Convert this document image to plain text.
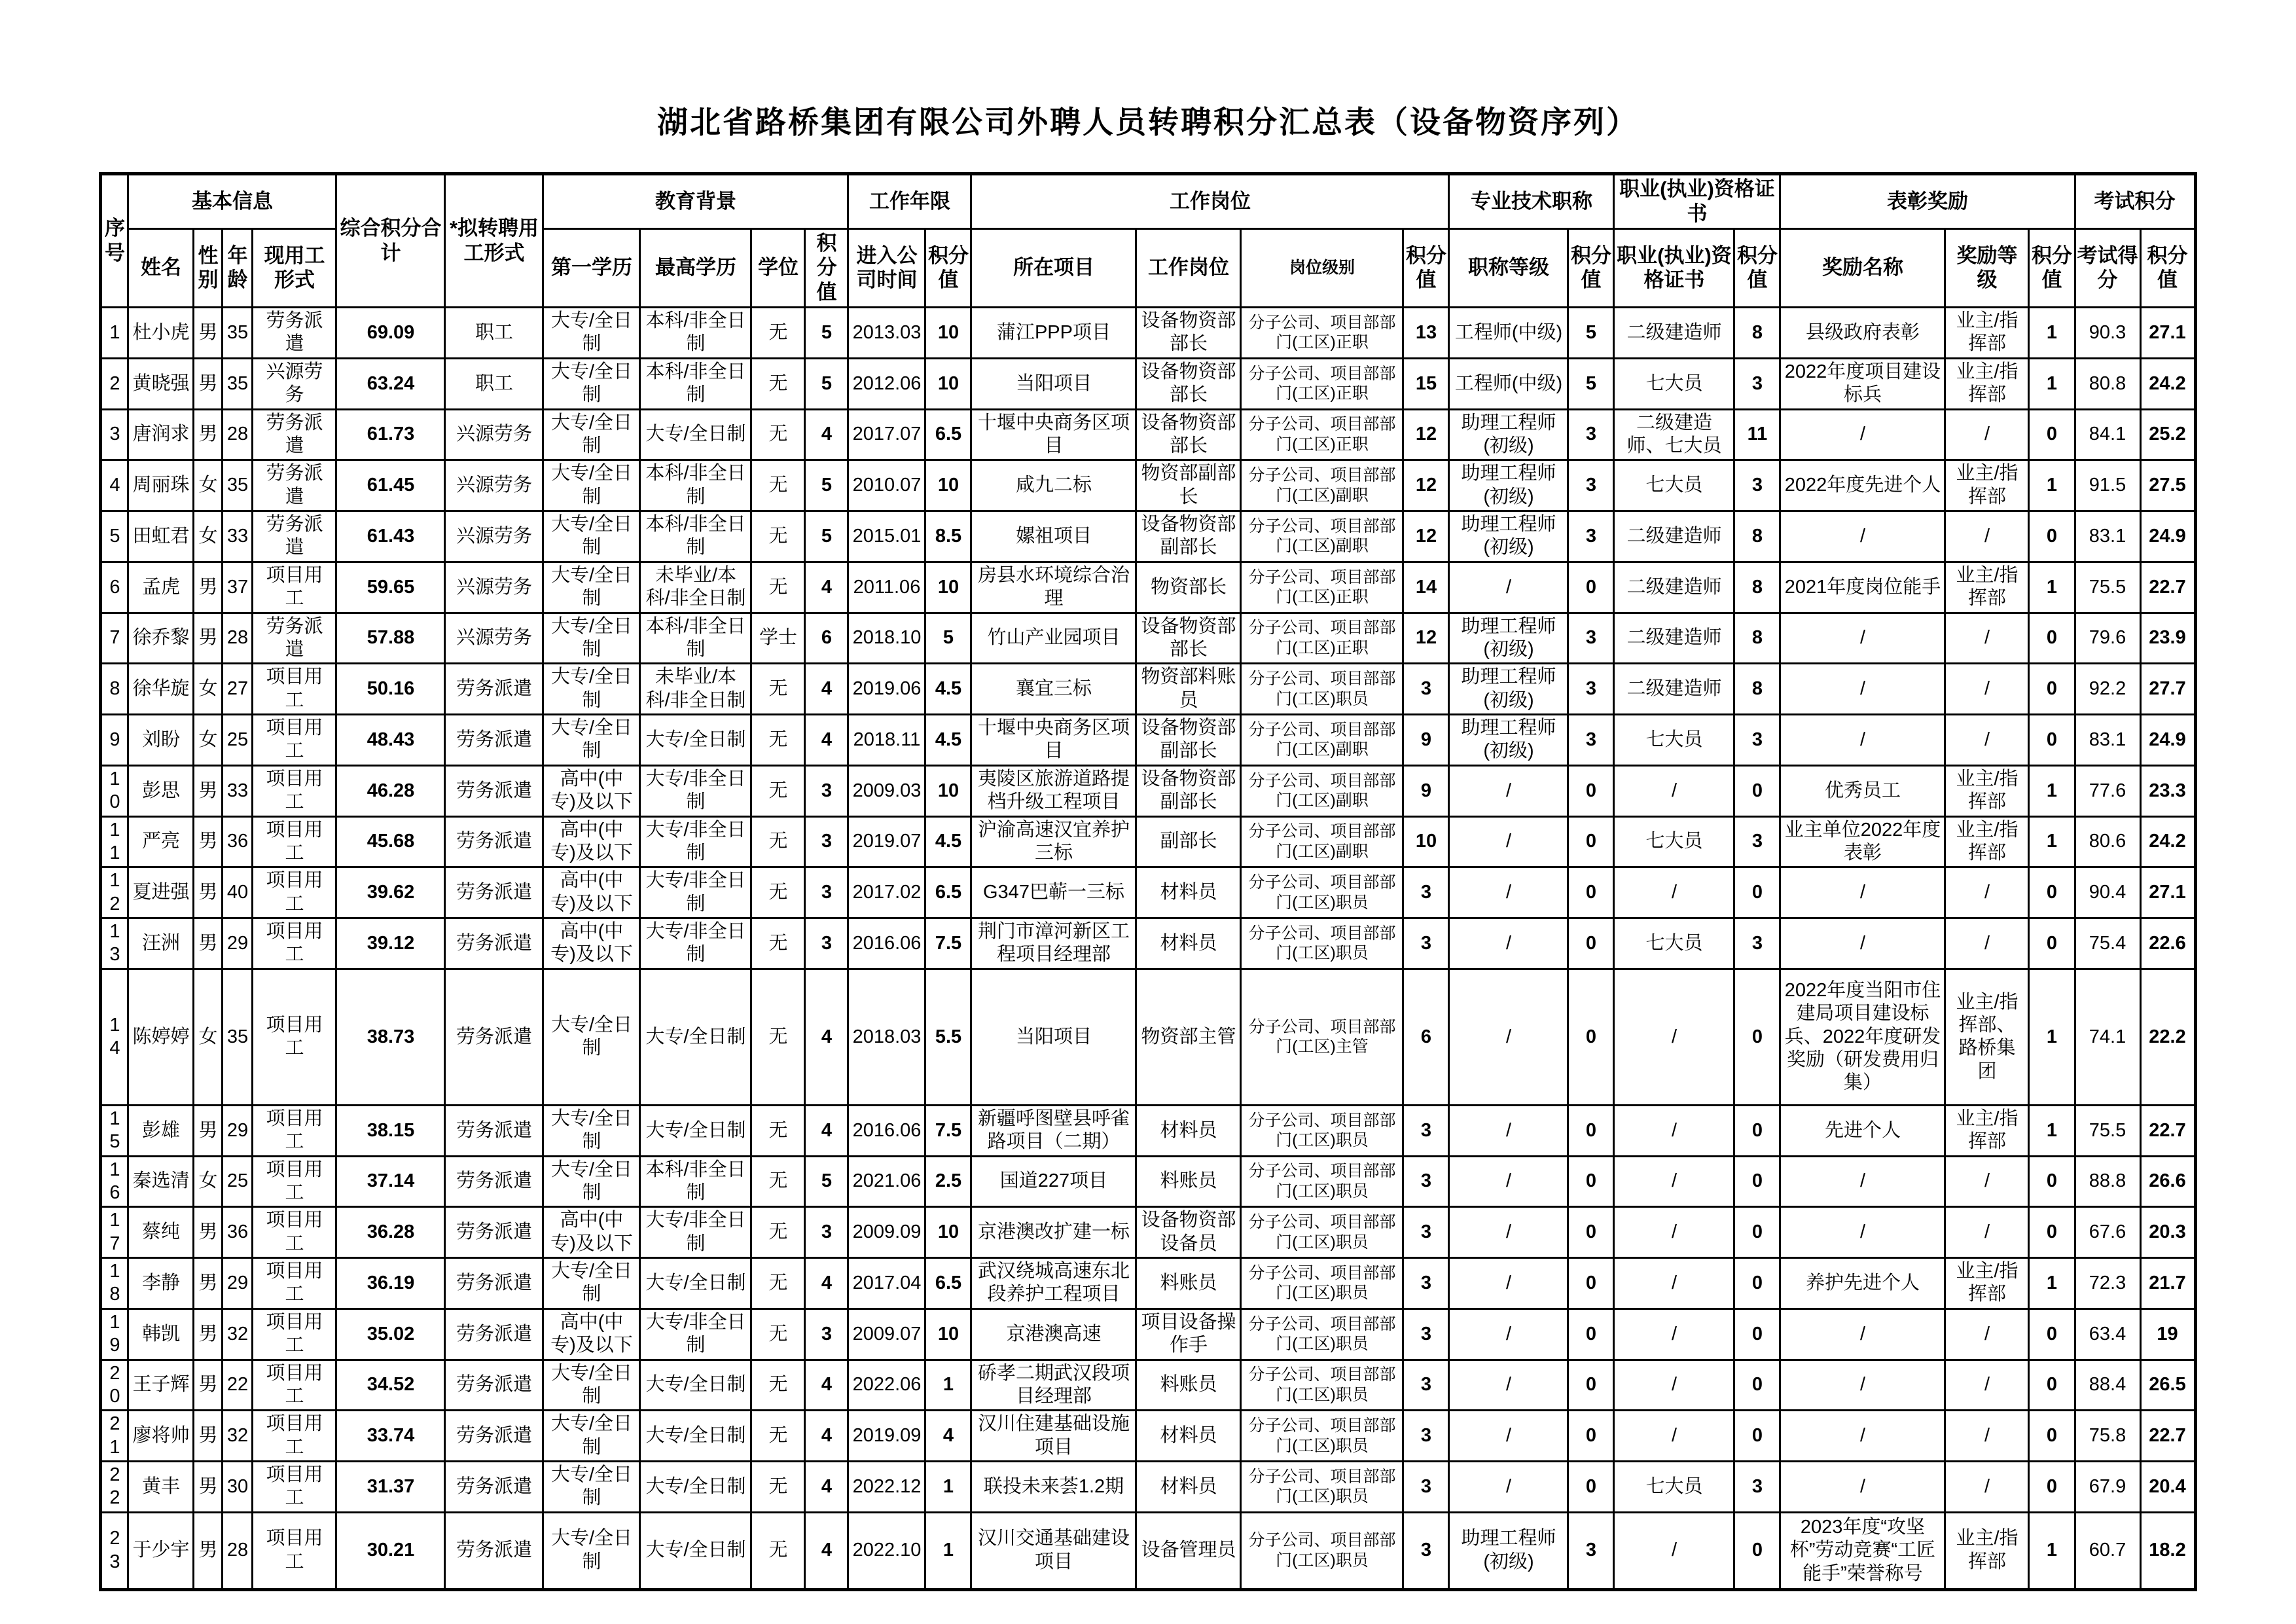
湖北省路桥集团有限公司外聘人员转聘积分汇总表（设备物资序列）
序号	基本信息				综合积分合计	*拟转聘用工形式	教育背景				工作年限		工作岗位				专业技术职称		职业(执业)资格证书		表彰奖励			考试积分	
	姓名	性别	年龄	现用工形式			第一学历	最高学历	学位	积分值	进入公司时间	积分值	所在项目	工作岗位	岗位级别	积分值	职称等级	积分值	职业(执业)资格证书	积分值	奖励名称	奖励等级	积分值	考试得分	积分值
1	杜小虎	男	35	劳务派遣	69.09	职工	大专/全日制	本科/非全日制	无	5	2013.03	10	蒲江PPP项目	设备物资部部长	分子公司、项目部部门(工区)正职	13	工程师(中级)	5	二级建造师	8	县级政府表彰	业主/指挥部	1	90.3	27.1
2	黄晓强	男	35	兴源劳务	63.24	职工	大专/全日制	本科/非全日制	无	5	2012.06	10	当阳项目	设备物资部部长	分子公司、项目部部门(工区)正职	15	工程师(中级)	5	七大员	3	2022年度项目建设标兵	业主/指挥部	1	80.8	24.2
3	唐润求	男	28	劳务派遣	61.73	兴源劳务	大专/全日制	大专/全日制	无	4	2017.07	6.5	十堰中央商务区项目	设备物资部部长	分子公司、项目部部门(工区)正职	12	助理工程师(初级)	3	二级建造师、七大员	11	/	/	0	84.1	25.2
4	周丽珠	女	35	劳务派遣	61.45	兴源劳务	大专/全日制	本科/非全日制	无	5	2010.07	10	咸九二标	物资部副部长	分子公司、项目部部门(工区)副职	12	助理工程师(初级)	3	七大员	3	2022年度先进个人	业主/指挥部	1	91.5	27.5
5	田虹君	女	33	劳务派遣	61.43	兴源劳务	大专/全日制	本科/非全日制	无	5	2015.01	8.5	嫘祖项目	设备物资部副部长	分子公司、项目部部门(工区)副职	12	助理工程师(初级)	3	二级建造师	8	/	/	0	83.1	24.9
6	孟虎	男	37	项目用工	59.65	兴源劳务	大专/全日制	未毕业/本科/非全日制	无	4	2011.06	10	房县水环境综合治理	物资部长	分子公司、项目部部门(工区)正职	14	/	0	二级建造师	8	2021年度岗位能手	业主/指挥部	1	75.5	22.7
7	徐乔黎	男	28	劳务派遣	57.88	兴源劳务	大专/全日制	本科/非全日制	学士	6	2018.10	5	竹山产业园项目	设备物资部部长	分子公司、项目部部门(工区)正职	12	助理工程师(初级)	3	二级建造师	8	/	/	0	79.6	23.9
8	徐华旋	女	27	项目用工	50.16	劳务派遣	大专/全日制	未毕业/本科/非全日制	无	4	2019.06	4.5	襄宜三标	物资部料账员	分子公司、项目部部门(工区)职员	3	助理工程师(初级)	3	二级建造师	8	/	/	0	92.2	27.7
9	刘盼	女	25	项目用工	48.43	劳务派遣	大专/全日制	大专/全日制	无	4	2018.11	4.5	十堰中央商务区项目	设备物资部副部长	分子公司、项目部部门(工区)副职	9	助理工程师(初级)	3	七大员	3	/	/	0	83.1	24.9
10	彭思	男	33	项目用工	46.28	劳务派遣	高中(中专)及以下	大专/非全日制	无	3	2009.03	10	夷陵区旅游道路提档升级工程项目	设备物资部副部长	分子公司、项目部部门(工区)副职	9	/	0	/	0	优秀员工	业主/指挥部	1	77.6	23.3
11	严亮	男	36	项目用工	45.68	劳务派遣	高中(中专)及以下	大专/非全日制	无	3	2019.07	4.5	沪渝高速汉宜养护三标	副部长	分子公司、项目部部门(工区)副职	10	/	0	七大员	3	业主单位2022年度表彰	业主/指挥部	1	80.6	24.2
12	夏进强	男	40	项目用工	39.62	劳务派遣	高中(中专)及以下	大专/非全日制	无	3	2017.02	6.5	G347巴蕲一三标	材料员	分子公司、项目部部门(工区)职员	3	/	0	/	0	/	/	0	90.4	27.1
13	汪洲	男	29	项目用工	39.12	劳务派遣	高中(中专)及以下	大专/非全日制	无	3	2016.06	7.5	荆门市漳河新区工程项目经理部	材料员	分子公司、项目部部门(工区)职员	3	/	0	七大员	3	/	/	0	75.4	22.6
14	陈婷婷	女	35	项目用工	38.73	劳务派遣	大专/全日制	大专/全日制	无	4	2018.03	5.5	当阳项目	物资部主管	分子公司、项目部部门(工区)主管	6	/	0	/	0	2022年度当阳市住建局项目建设标兵、2022年度研发奖励（研发费用归集）	业主/指挥部、路桥集团	1	74.1	22.2
15	彭雄	男	29	项目用工	38.15	劳务派遣	大专/全日制	大专/全日制	无	4	2016.06	7.5	新疆呼图壁县呼雀路项目（二期）	材料员	分子公司、项目部部门(工区)职员	3	/	0	/	0	先进个人	业主/指挥部	1	75.5	22.7
16	秦选清	女	25	项目用工	37.14	劳务派遣	大专/全日制	本科/非全日制	无	5	2021.06	2.5	国道227项目	料账员	分子公司、项目部部门(工区)职员	3	/	0	/	0	/	/	0	88.8	26.6
17	蔡纯	男	36	项目用工	36.28	劳务派遣	高中(中专)及以下	大专/非全日制	无	3	2009.09	10	京港澳改扩建一标	设备物资部设备员	分子公司、项目部部门(工区)职员	3	/	0	/	0	/	/	0	67.6	20.3
18	李静	男	29	项目用工	36.19	劳务派遣	大专/全日制	大专/全日制	无	4	2017.04	6.5	武汉绕城高速东北段养护工程项目	料账员	分子公司、项目部部门(工区)职员	3	/	0	/	0	养护先进个人	业主/指挥部	1	72.3	21.7
19	韩凯	男	32	项目用工	35.02	劳务派遣	高中(中专)及以下	大专/非全日制	无	3	2009.07	10	京港澳高速	项目设备操作手	分子公司、项目部部门(工区)职员	3	/	0	/	0	/	/	0	63.4	19
20	王子辉	男	22	项目用工	34.52	劳务派遣	大专/全日制	大专/全日制	无	4	2022.06	1	硚孝二期武汉段项目经理部	料账员	分子公司、项目部部门(工区)职员	3	/	0	/	0	/	/	0	88.4	26.5
21	廖将帅	男	32	项目用工	33.74	劳务派遣	大专/全日制	大专/全日制	无	4	2019.09	4	汉川住建基础设施项目	材料员	分子公司、项目部部门(工区)职员	3	/	0	/	0	/	/	0	75.8	22.7
22	黄丰	男	30	项目用工	31.37	劳务派遣	大专/全日制	大专/全日制	无	4	2022.12	1	联投未来荟1.2期	材料员	分子公司、项目部部门(工区)职员	3	/	0	七大员	3	/	/	0	67.9	20.4
23	于少宇	男	28	项目用工	30.21	劳务派遣	大专/全日制	大专/全日制	无	4	2022.10	1	汉川交通基础建设项目	设备管理员	分子公司、项目部部门(工区)职员	3	助理工程师(初级)	3	/	0	2023年度“攻坚杯”劳动竞赛“工匠能手”荣誉称号	业主/指挥部	1	60.7	18.2
